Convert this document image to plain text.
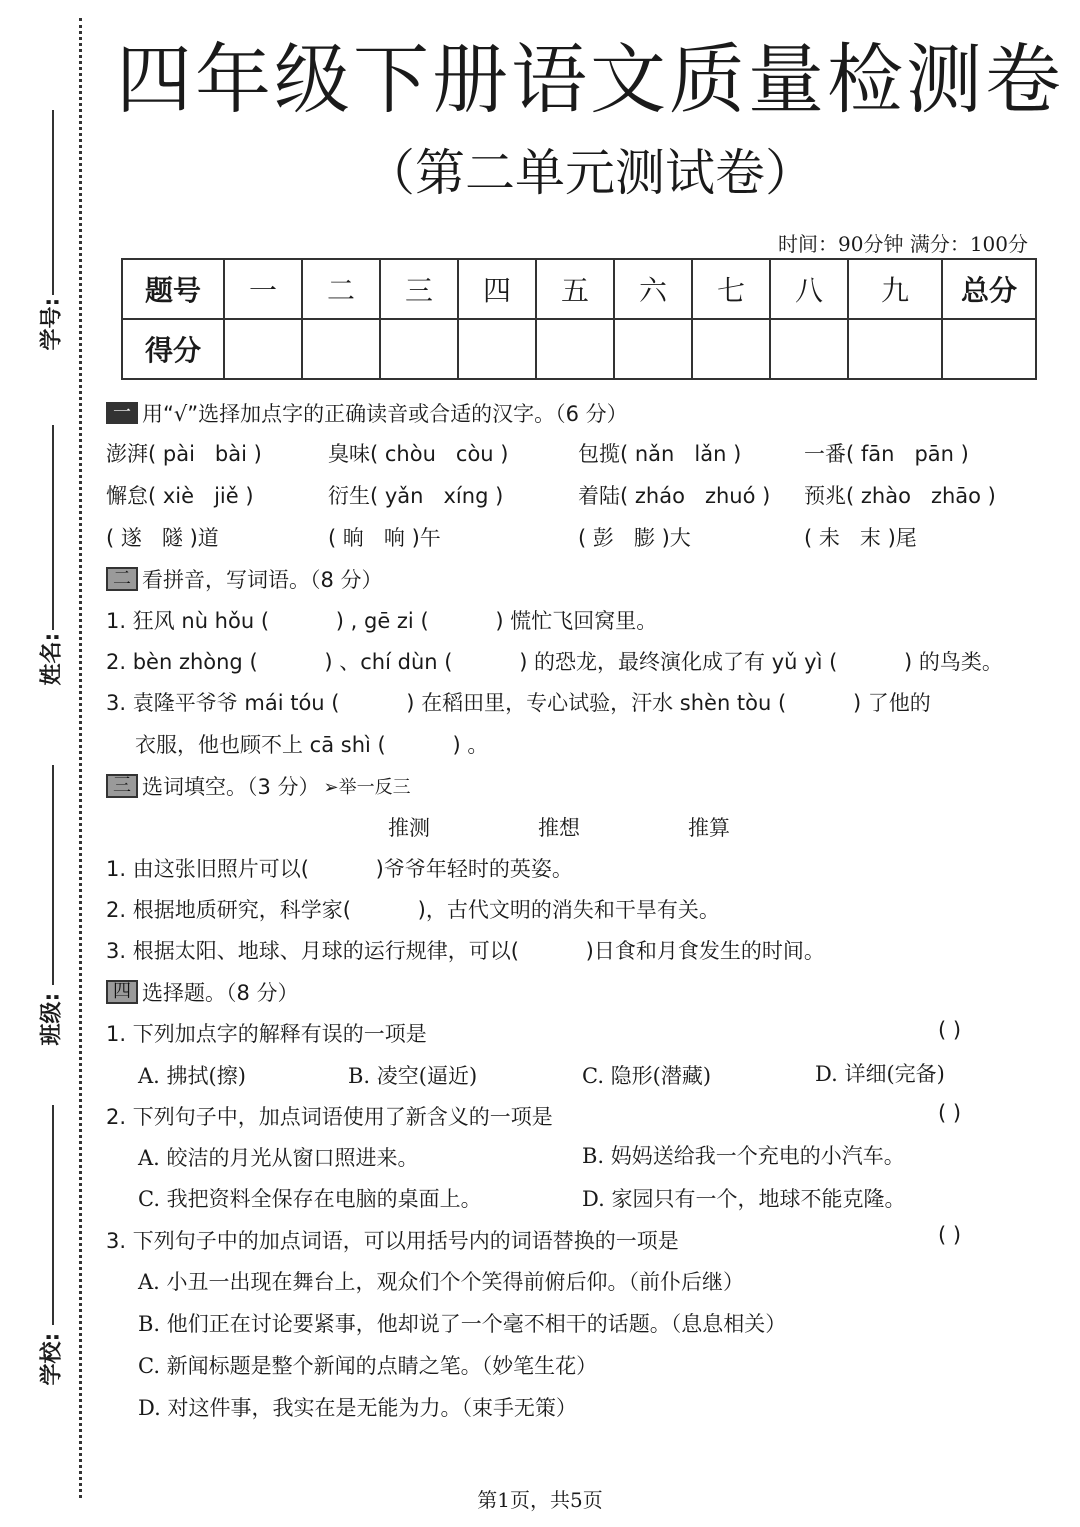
学号:
姓名:
班级:
学校:
四年级下册语文质量检测卷
（第二单元测试卷）
时间：90分钟 满分：100分
题号	一	二	三	四	五	六	七	八	九	总分
得分										
一 用“√”选择加点字的正确读音或合适的汉字。（6 分）
澎湃( pài   bài )	臭味( chòu   còu )	包揽( nǎn   lǎn )	一番( fān   pān )
懈怠( xiè   jiě )	衍生( yǎn   xíng )	着陆( zháo   zhuó ) 预兆( zhào   zhāo )
( 遂   隧 )道	( 晌   响 )午	( 彭   膨 )大	( 未   末 )尾
二 看拼音，写词语。（8 分）
1. 狂风 nù hǒu (          ) , gē zi (          ) 慌忙飞回窝里。
2. bèn zhòng (          ) 、chí dùn (          ) 的恐龙，最终演化成了有 yǔ yì (          ) 的鸟类。
3. 袁隆平爷爷 mái tóu (          ) 在稻田里，专心试验，汗水 shèn tòu (          ) 了他的
衣服，他也顾不上 cā shì (          ) 。
三 选词填空。（3 分） ➢举一反三
推测	推想	推算
1. 由这张旧照片可以(          )爷爷年轻时的英姿。
2. 根据地质研究，科学家(          )，古代文明的消失和干旱有关。
3. 根据太阳、地球、月球的运行规律，可以(          )日食和月食发生的时间。
四 选择题。（8 分）
1. 下列加点字的解释有误的一项是	( )
A. 拂拭(擦)	B. 凌空(逼近)	C. 隐形(潜藏)	D. 详细(完备)
2. 下列句子中，加点词语使用了新含义的一项是	( )
A. 皎洁的月光从窗口照进来。	B. 妈妈送给我一个充电的小汽车。
C. 我把资料全保存在电脑的桌面上。	D. 家园只有一个，地球不能克隆。
3. 下列句子中的加点词语，可以用括号内的词语替换的一项是	( )
A. 小丑一出现在舞台上，观众们个个笑得前俯后仰。（前仆后继）
B. 他们正在讨论要紧事，他却说了一个毫不相干的话题。（息息相关）
C. 新闻标题是整个新闻的点睛之笔。（妙笔生花）
D. 对这件事，我实在是无能为力。（束手无策）
第1页，共5页
